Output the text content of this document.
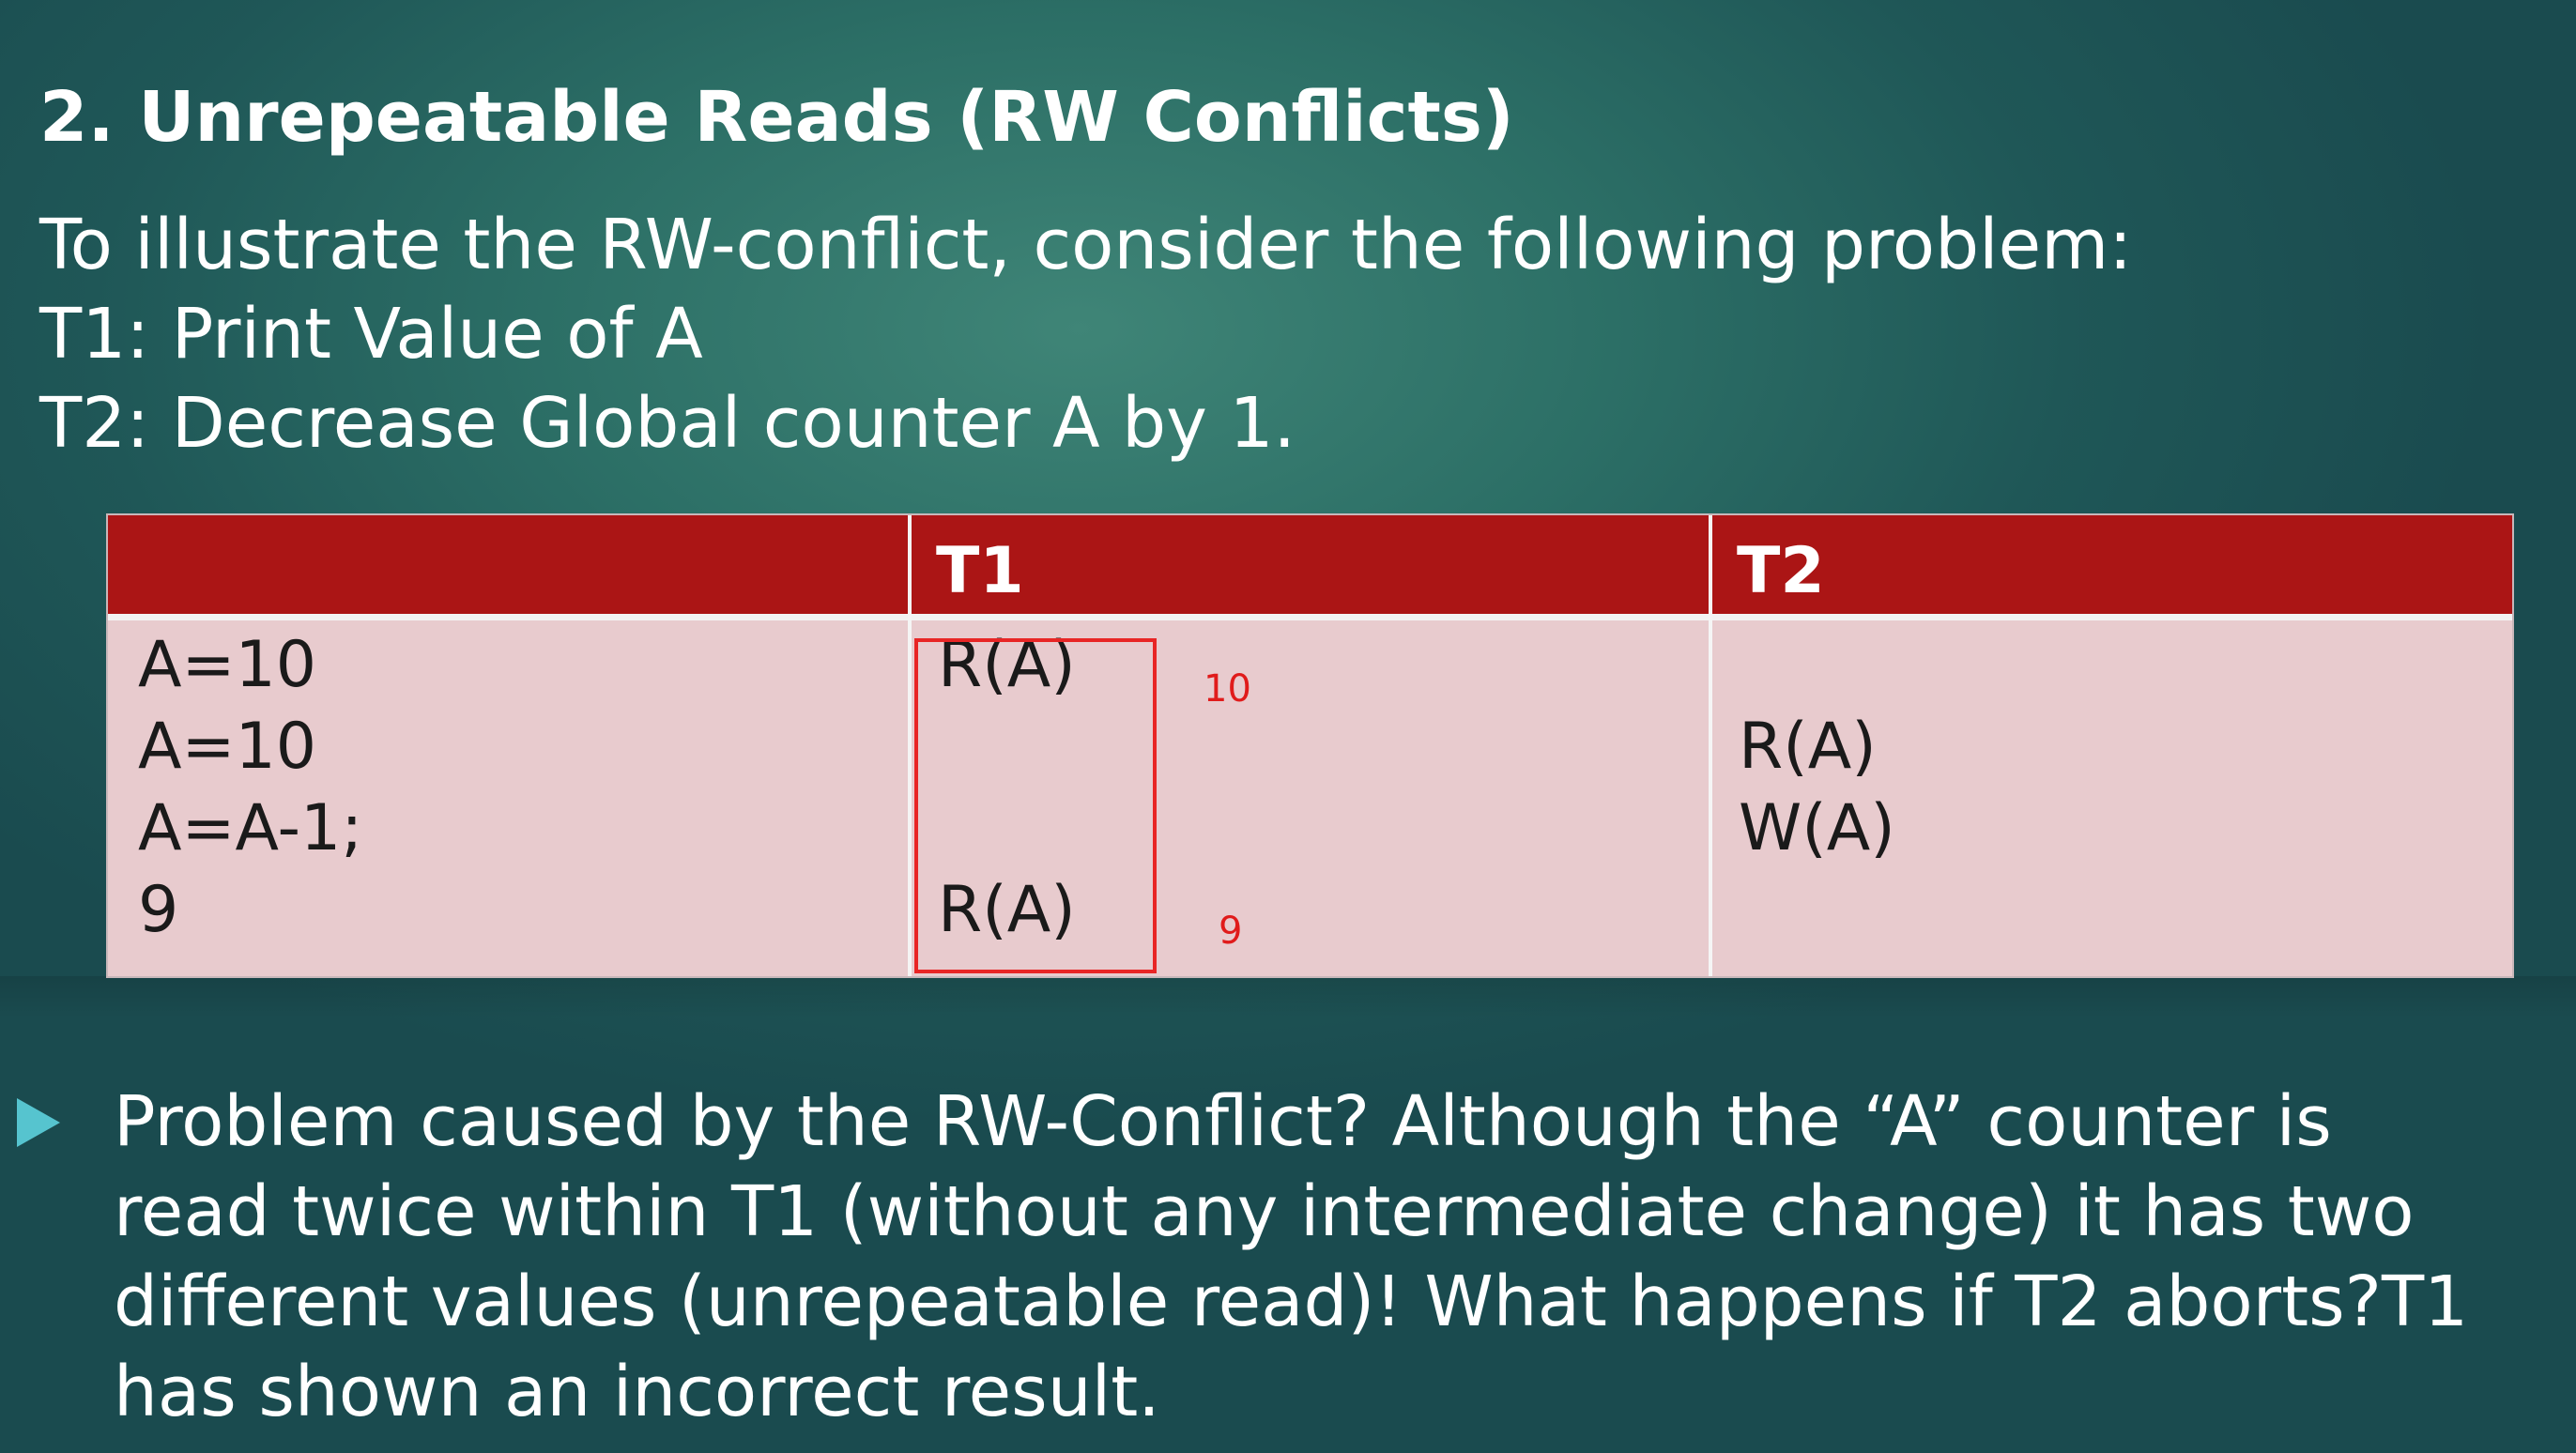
2. Unrepeatable Reads (RW Conflicts)
To illustrate the RW-conflict, consider the following problem:
T1: Print Value of A
T2: Decrease Global counter A by 1.
T1	T2
A=10
A=10
A=A-1;
9
R(A)
R(A)
R(A)
W(A)
10
9
Problem caused by the RW-Conflict? Although the “A” counter is
read twice within T1 (without any intermediate change) it has two
different values (unrepeatable read)! What happens if T2 aborts?T1
has shown an incorrect result.
